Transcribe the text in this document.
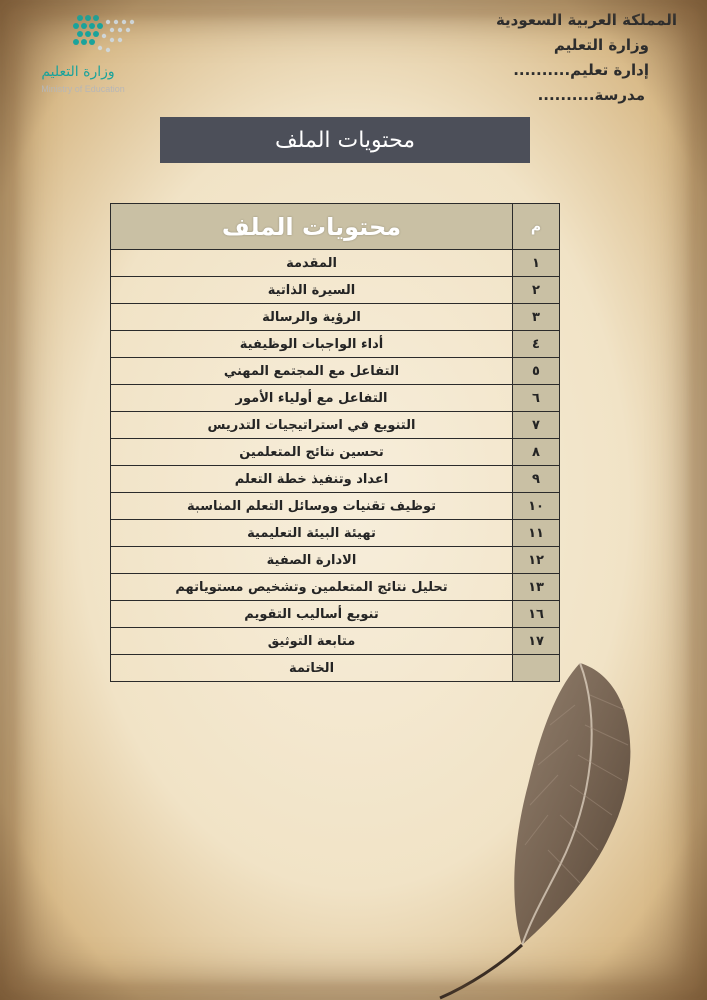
المملكة العربية السعودية
وزارة التعليم
إدارة تعليم..........
مدرسة..........
وزارة التعليم
Ministry of Education
محتويات الملف
م	محتويات الملف
١	المقدمة
٢	السيرة الذاتية
٣	الرؤية والرسالة
٤	أداء الواجبات الوظيفية
٥	التفاعل مع المجتمع المهني
٦	التفاعل مع أولياء الأمور
٧	التنويع في استراتيجيات التدريس
٨	تحسين نتائج المتعلمين
٩	اعداد وتنفيذ خطة التعلم
١٠	توظيف تقنيات ووسائل التعلم المناسبة
١١	تهيئة البيئة التعليمية
١٢	الادارة الصفية
١٣	تحليل نتائج المتعلمين وتشخيص مستوياتهم
١٦	تنويع أساليب التقويم
١٧	متابعة التوثيق
	الخاتمة
